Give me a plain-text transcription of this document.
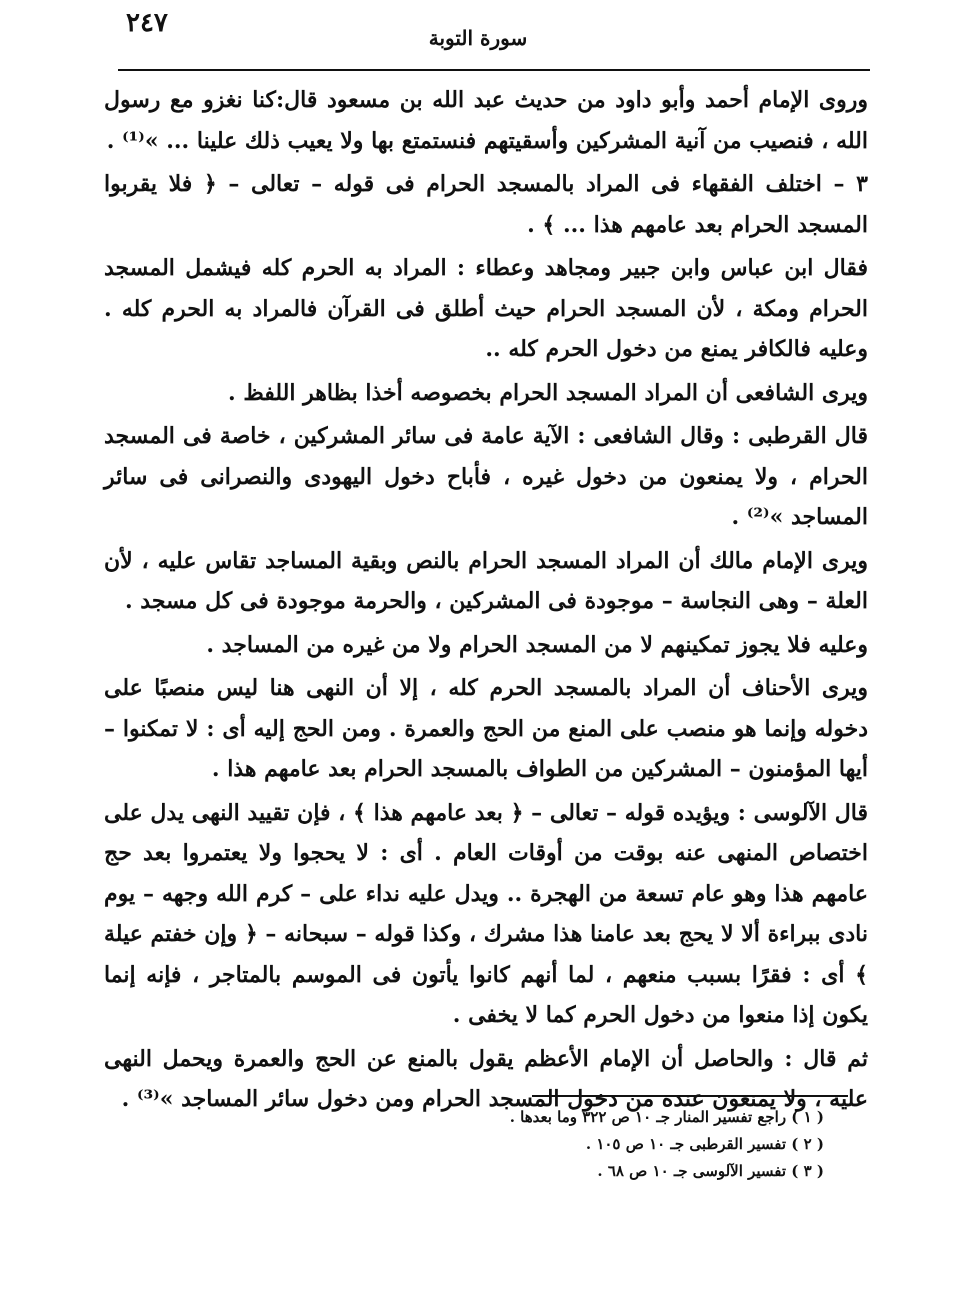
٢٤٧	سورة التوبة

وروى الإمام أحمد وأبو داود من حديث عبد الله بن مسعود قال:كنا نغزو مع رسول الله ، فنصيب من آنية المشركين وأسقيتهم فنستمتع بها ولا يعيب ذلك علينا ... »⁽¹⁾ .

٣ – اختلف الفقهاء فى المراد بالمسجد الحرام فى قوله – تعالى – ﴿ فلا يقربوا المسجد الحرام بعد عامهم هذا ... ﴾ .

فقال ابن عباس وابن جبير ومجاهد وعطاء : المراد به الحرم كله فيشمل المسجد الحرام ومكة ، لأن المسجد الحرام حيث أطلق فى القرآن فالمراد به الحرم كله . وعليه فالكافر يمنع من دخول الحرم كله ..

ويرى الشافعى أن المراد المسجد الحرام بخصوصه أخذا بظاهر اللفظ .

قال القرطبى : وقال الشافعى : الآية عامة فى سائر المشركين ، خاصة فى المسجد الحرام ، ولا يمنعون من دخول غيره ، فأباح دخول اليهودى والنصرانى فى سائر المساجد »⁽²⁾ .

ويرى الإمام مالك أن المراد المسجد الحرام بالنص وبقية المساجد تقاس عليه ، لأن العلة – وهى النجاسة – موجودة فى المشركين ، والحرمة موجودة فى كل مسجد .

وعليه فلا يجوز تمكينهم لا من المسجد الحرام ولا من غيره من المساجد .

ويرى الأحناف أن المراد بالمسجد الحرم كله ، إلا أن النهى هنا ليس منصبًا على دخوله وإنما هو منصب على المنع من الحج والعمرة . ومن الحج إليه أى : لا تمكنوا – أيها المؤمنون – المشركين من الطواف بالمسجد الحرام بعد عامهم هذا .

قال الآلوسى : ويؤيده قوله – تعالى – ﴿ بعد عامهم هذا ﴾ ، فإن تقييد النهى يدل على اختصاص المنهى عنه بوقت من أوقات العام . أى : لا يحجوا ولا يعتمروا بعد حج عامهم هذا وهو عام تسعة من الهجرة .. ويدل عليه نداء على – كرم الله وجهه – يوم نادى ببراءة ألا لا يحج بعد عامنا هذا مشرك ، وكذا قوله – سبحانه – ﴿ وإن خفتم عيلة ﴾ أى : فقرًا بسبب منعهم ، لما أنهم كانوا يأتون فى الموسم بالمتاجر ، فإنه إنما يكون إذا منعوا من دخول الحرم كما لا يخفى .

ثم قال : والحاصل أن الإمام الأعظم يقول بالمنع عن الحج والعمرة ويحمل النهى عليه ، ولا يمنعون عنده من دخول المسجد الحرام ومن دخول سائر المساجد »⁽³⁾ .

( ١ ) راجع تفسير المنار جـ ١٠ ص ٣٢٢ وما بعدها .

( ٢ ) تفسير القرطبى جـ ١٠ ص ١٠٥ .

( ٣ ) تفسير الآلوسى جـ ١٠ ص ٦٨ .
